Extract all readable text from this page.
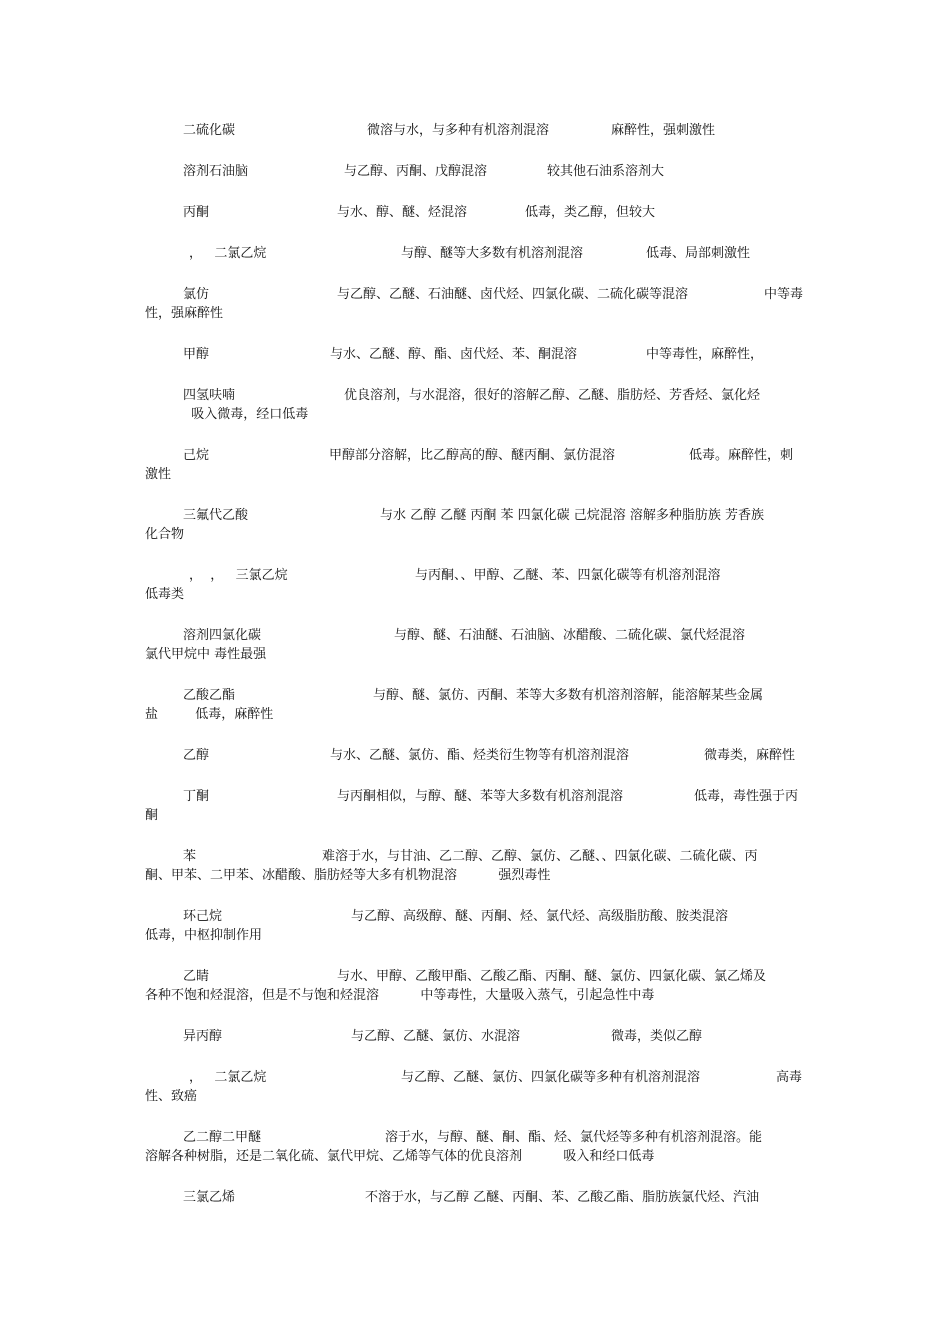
二硫化碳	微溶与水，与多种有机溶剂混溶	麻醉性，强刺激性
溶剂石油脑	与乙醇、丙酮、戊醇混溶	较其他石油系溶剂大
丙酮	与水、醇、醚、烃混溶	低毒，类乙醇，但较大
，   二氯乙烷	与醇、醚等大多数有机溶剂混溶	低毒、局部刺激性
氯仿	与乙醇、乙醚、石油醚、卤代烃、四氯化碳、二硫化碳等混溶	中等毒
性，强麻醉性
甲醇	与水、乙醚、醇、酯、卤代烃、苯、酮混溶	中等毒性，麻醉性，
四氢呋喃	优良溶剂，与水混溶，很好的溶解乙醇、乙醚、脂肪烃、芳香烃、氯化烃
吸入微毒，经口低毒
己烷	甲醇部分溶解，比乙醇高的醇、醚丙酮、氯仿混溶	低毒。麻醉性，刺
激性
三氟代乙酸	与水 乙醇 乙醚 丙酮 苯 四氯化碳 己烷混溶 溶解多种脂肪族 芳香族
化合物
，  ，   三氯乙烷	与丙酮、、甲醇、乙醚、苯、四氯化碳等有机溶剂混溶
低毒类
溶剂四氯化碳	与醇、醚、石油醚、石油脑、冰醋酸、二硫化碳、氯代烃混溶
氯代甲烷中 毒性最强
乙酸乙酯	与醇、醚、氯仿、丙酮、苯等大多数有机溶剂溶解，能溶解某些金属
盐         低毒，麻醉性
乙醇	与水、乙醚、氯仿、酯、烃类衍生物等有机溶剂混溶	微毒类，麻醉性
丁酮	与丙酮相似，与醇、醚、苯等大多数有机溶剂混溶	低毒，毒性强于丙
酮
苯	难溶于水，与甘油、乙二醇、乙醇、氯仿、乙醚、、四氯化碳、二硫化碳、丙
酮、甲苯、二甲苯、冰醋酸、脂肪烃等大多有机物混溶          强烈毒性
环己烷	与乙醇、高级醇、醚、丙酮、烃、氯代烃、高级脂肪酸、胺类混溶
低毒，中枢抑制作用
乙睛	与水、甲醇、乙酸甲酯、乙酸乙酯、丙酮、醚、氯仿、四氯化碳、氯乙烯及
各种不饱和烃混溶，但是不与饱和烃混溶          中等毒性，大量吸入蒸气，引起急性中毒
异丙醇	与乙醇、乙醚、氯仿、水混溶	微毒，类似乙醇
，   二氯乙烷	与乙醇、乙醚、氯仿、四氯化碳等多种有机溶剂混溶	高毒
性、致癌
乙二醇二甲醚	溶于水，与醇、醚、酮、酯、烃、氯代烃等多种有机溶剂混溶。能
溶解各种树脂，还是二氧化硫、氯代甲烷、乙烯等气体的优良溶剂          吸入和经口低毒
三氯乙烯	不溶于水，与乙醇 乙醚、丙酮、苯、乙酸乙酯、脂肪族氯代烃、汽油
